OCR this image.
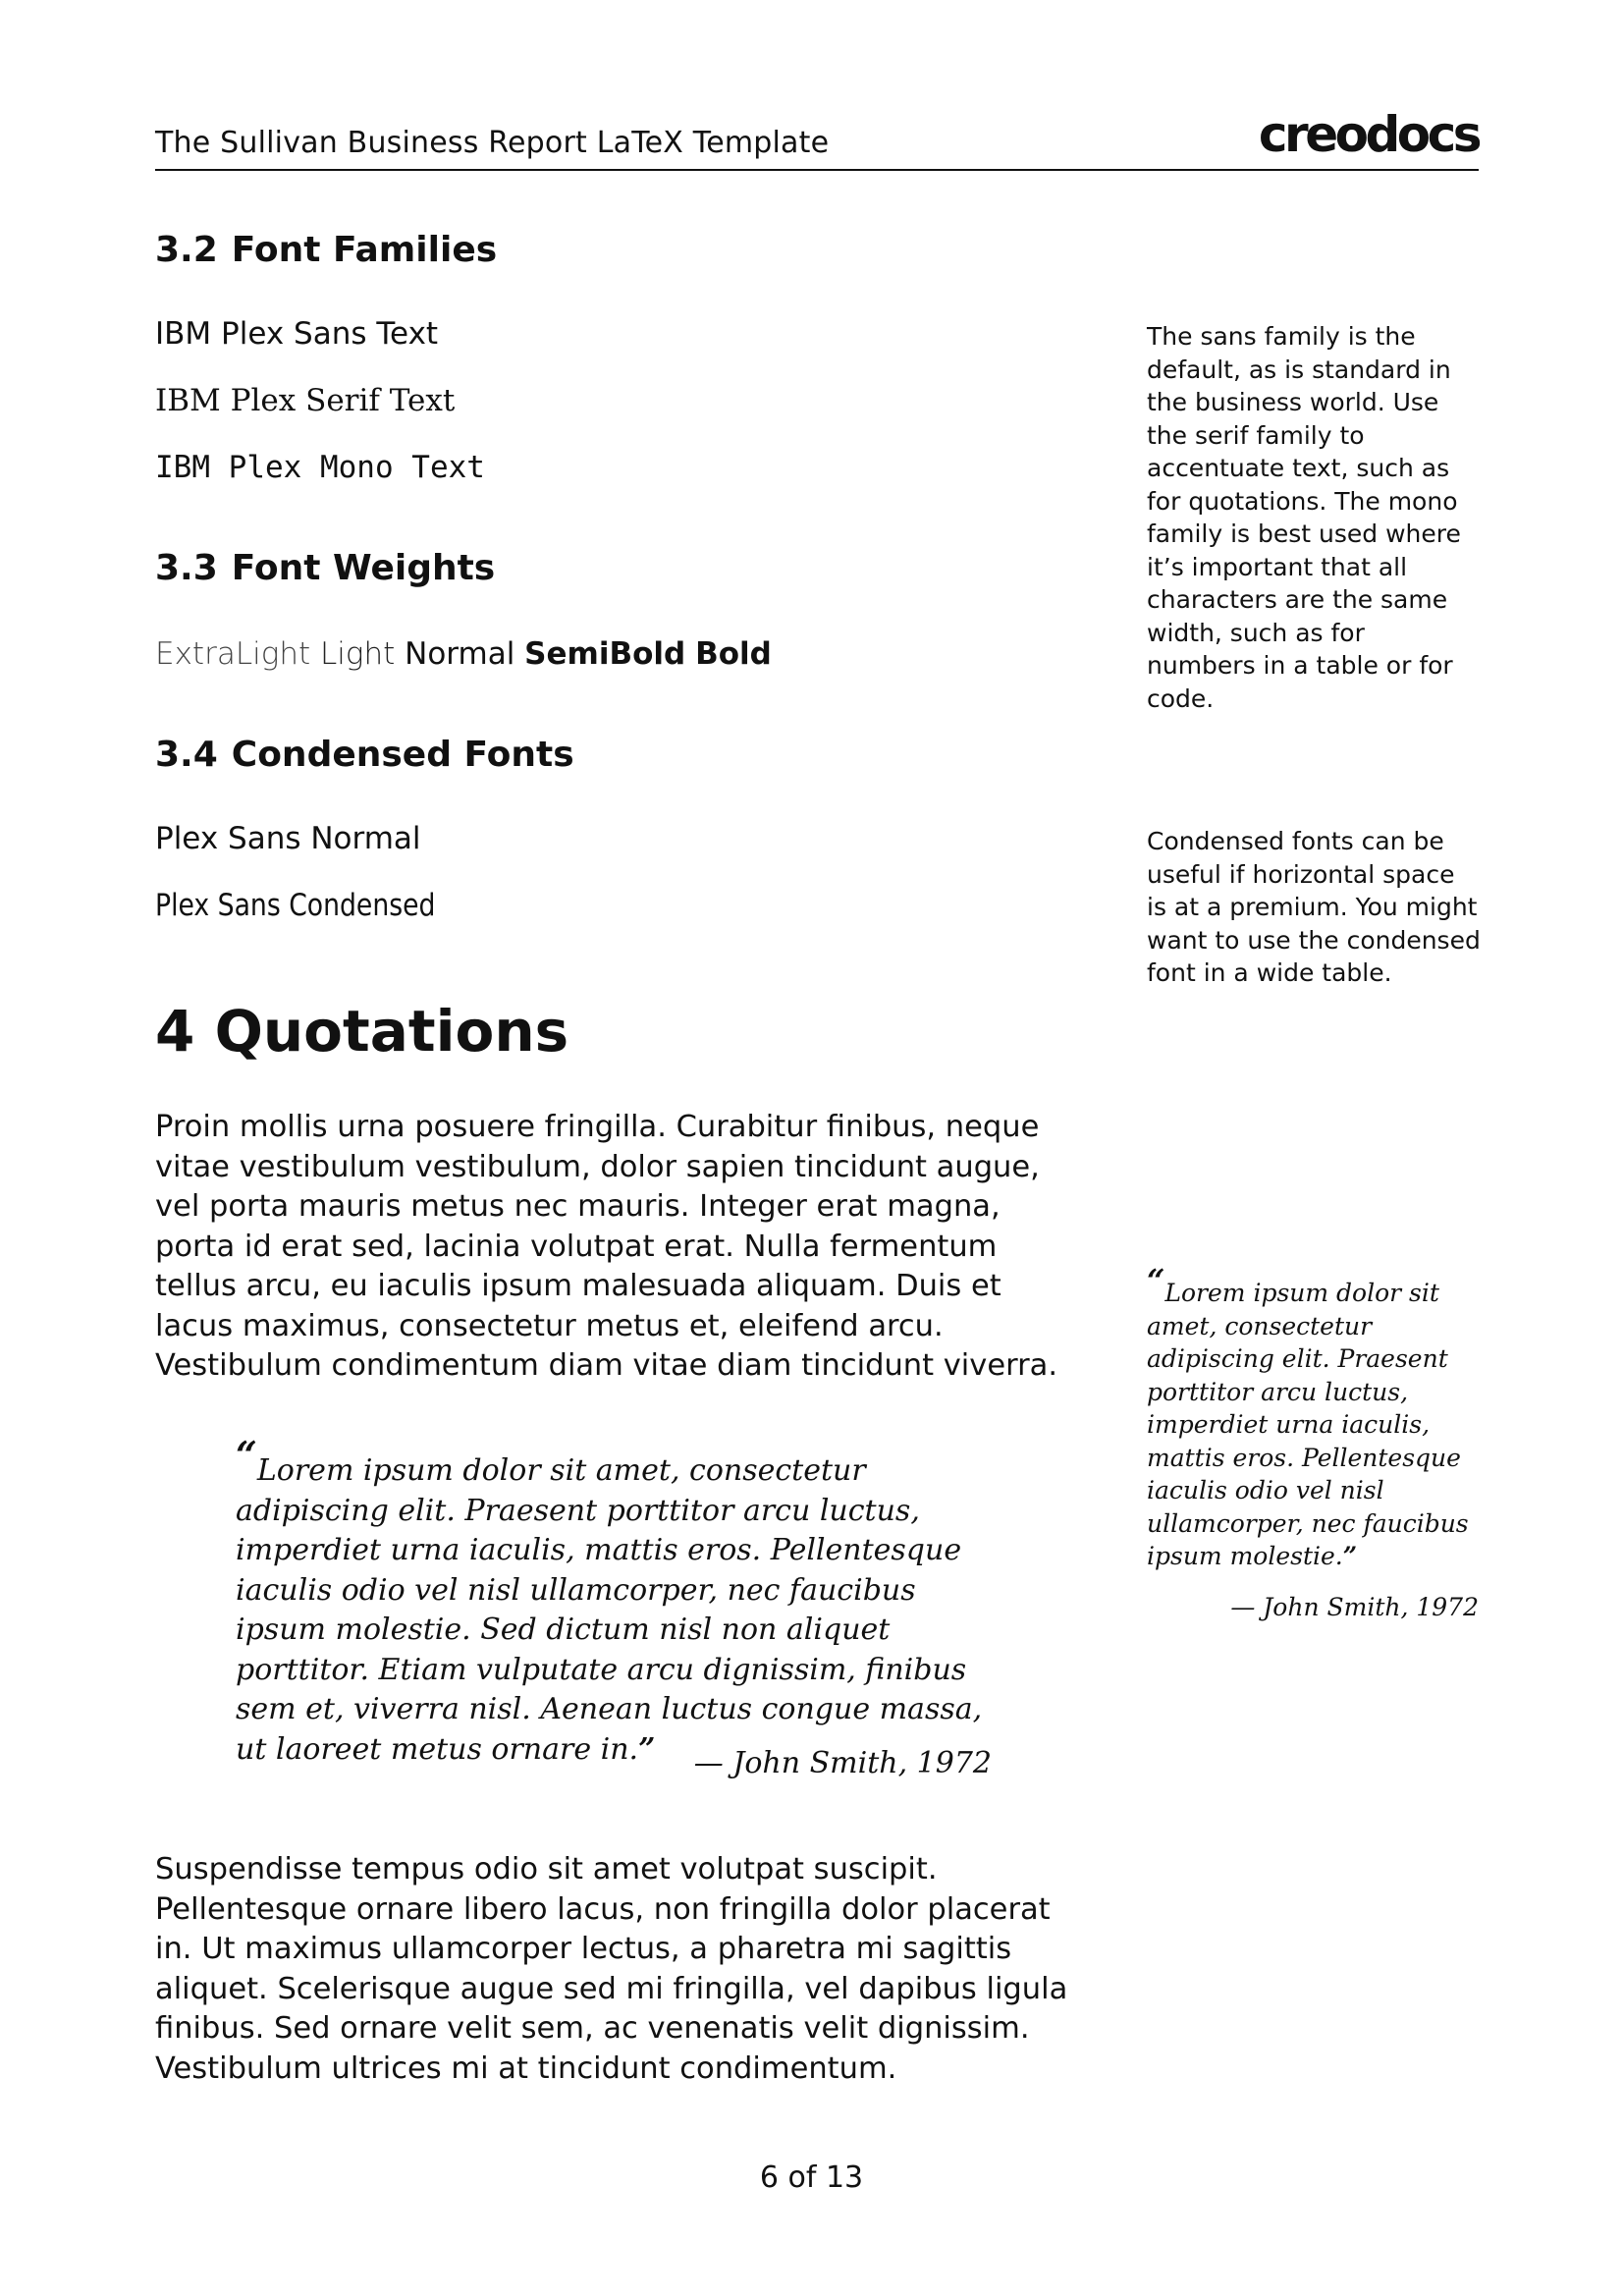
The Sullivan Business Report LaTeX Template	creodocs
3.2 Font Families
IBM Plex Sans Text
IBM Plex Serif Text
IBM Plex Mono Text

The sans family is the default, as is standard in the business world. Use the serif family to accentuate text, such as for quotations. The mono family is best used where it’s important that all characters are the same width, such as for numbers in a table or for code.

3.3 Font Weights
ExtraLight Light Normal SemiBold Bold
3.4 Condensed Fonts
Plex Sans Normal
Plex Sans Condensed

Condensed fonts can be useful if horizontal space is at a premium. You might want to use the condensed font in a wide table.

4 Quotations

Proin mollis urna posuere fringilla. Curabitur finibus, neque vitae vestibulum vestibulum, dolor sapien tincidunt augue, vel porta mauris metus nec mauris. Integer erat magna, porta id erat sed, lacinia volutpat erat. Nulla fermentum tellus arcu, eu iaculis ipsum malesuada aliquam. Duis et lacus maximus, consectetur metus et, eleifend arcu. Vestibulum condimentum diam vitae diam tincidunt viverra.

“Lorem ipsum dolor sit amet, consectetur adipiscing elit. Praesent porttitor arcu luctus, imperdiet urna iaculis, mattis eros. Pellentesque iaculis odio vel nisl ullamcorper, nec faucibus ipsum molestie. Sed dictum nisl non aliquet porttitor. Etiam vulputate arcu dignissim, finibus sem et, viverra nisl. Aenean luctus congue massa, ut laoreet metus ornare in.”	— John Smith, 1972

“Lorem ipsum dolor sit amet, consectetur adipiscing elit. Praesent porttitor arcu luctus, imperdiet urna iaculis, mattis eros. Pellentesque iaculis odio vel nisl ullamcorper, nec faucibus ipsum molestie.”

— John Smith, 1972

Suspendisse tempus odio sit amet volutpat suscipit. Pellentesque ornare libero lacus, non fringilla dolor placerat in. Ut maximus ullamcorper lectus, a pharetra mi sagittis aliquet. Scelerisque augue sed mi fringilla, vel dapibus ligula finibus. Sed ornare velit sem, ac venenatis velit dignissim. Vestibulum ultrices mi at tincidunt condimentum.

6 of 13
